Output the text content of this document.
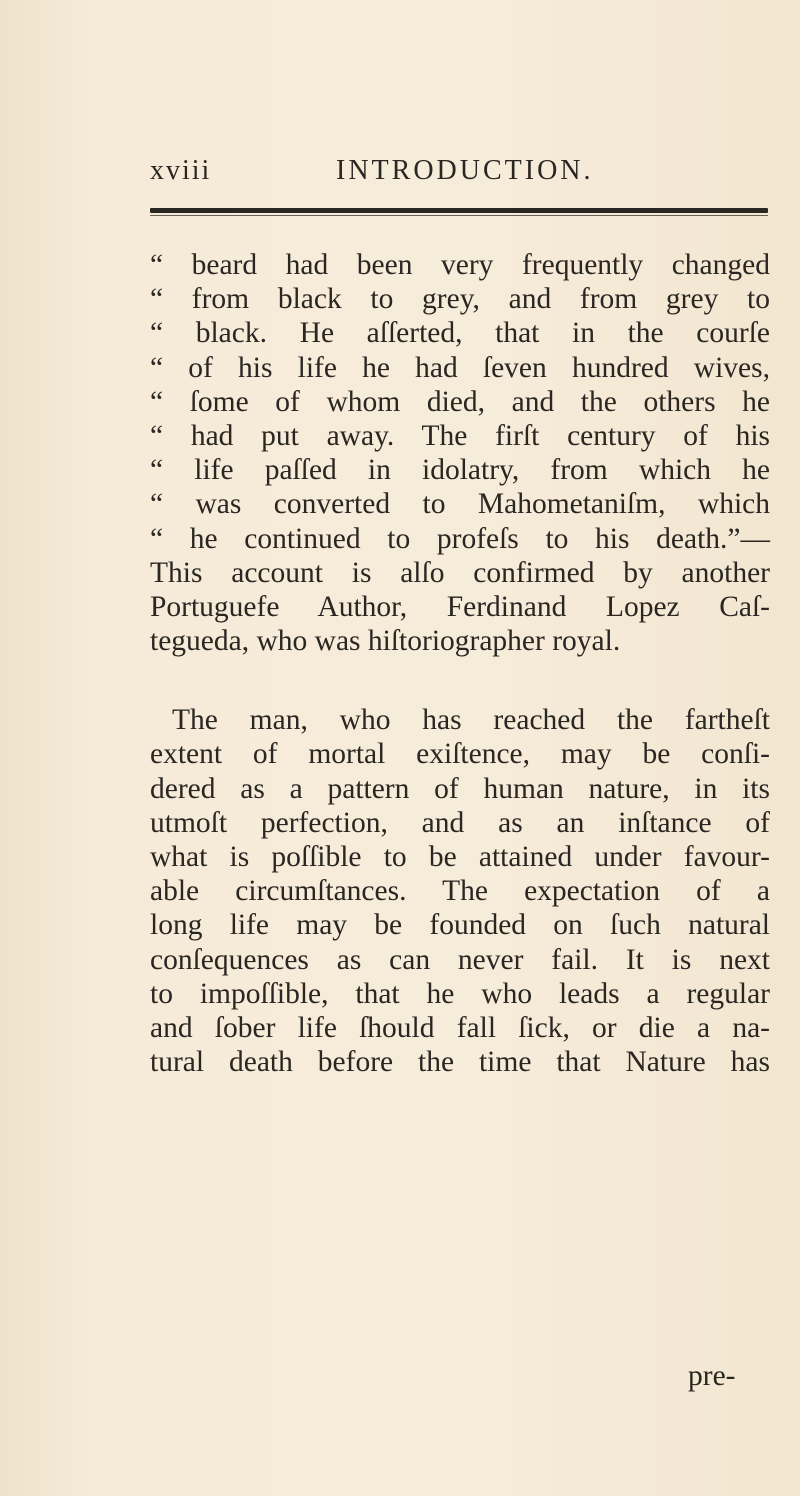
xviii	INTRODUCTION.
“ beard had been very frequently changed
“ from black to grey, and from grey to
“ black. He aſſerted, that in the courſe
“ of his life he had ſeven hundred wives,
“ ſome of whom died, and the others he
“ had put away. The firſt century of his
“ life paſſed in idolatry, from which he
“ was converted to Mahometaniſm, which
“ he continued to profeſs to his death.”—
This account is alſo confirmed by another
Portuguefe Author, Ferdinand Lopez Caſ-
tegueda, who was hiſtoriographer royal.
The man, who has reached the fartheſt
extent of mortal exiſtence, may be conſi-
dered as a pattern of human nature, in its
utmoſt perfection, and as an inſtance of
what is poſſible to be attained under favour-
able circumſtances. The expectation of a
long life may be founded on ſuch natural
conſequences as can never fail. It is next
to impoſſible, that he who leads a regular
and ſober life ſhould fall ſick, or die a na-
tural death before the time that Nature has
pre-
